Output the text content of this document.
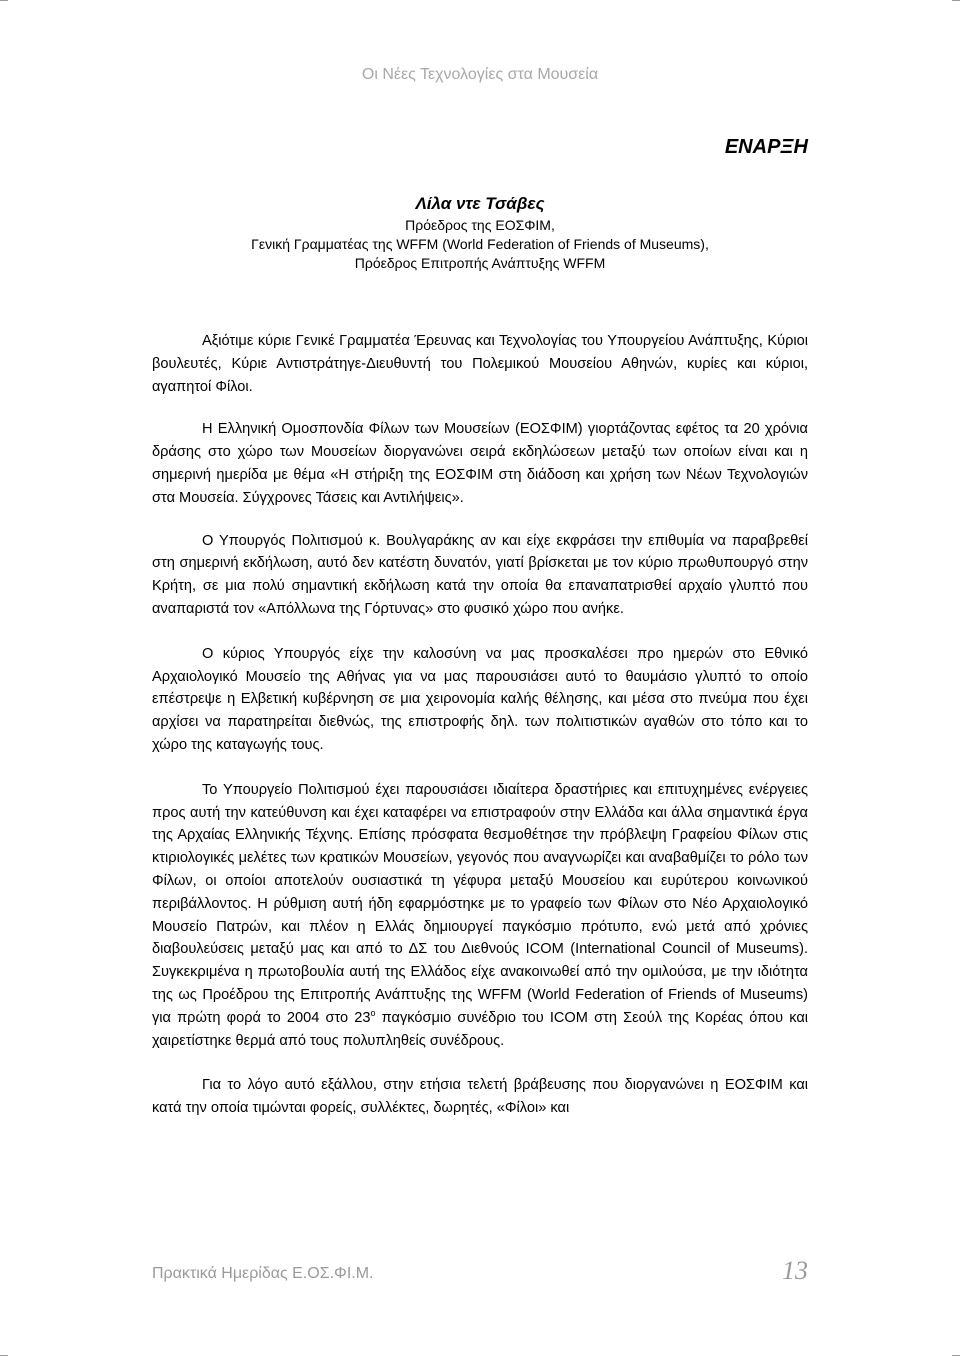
Οι Νέες Τεχνολογίες στα Μουσεία
ΕΝΑΡΞΗ
Λίλα ντε Τσάβες
Πρόεδρος της ΕΟΣΦΙΜ,
Γενική Γραμματέας της WFFM (World Federation of Friends of Museums),
Πρόεδρος Επιτροπής Ανάπτυξης WFFM

Αξιότιμε κύριε Γενικέ Γραμματέα Έρευνας και Τεχνολογίας του Υπουργείου Ανάπτυξης, Κύριοι βουλευτές, Κύριε Αντιστράτηγε-Διευθυντή του Πολεμικού Μουσείου Αθηνών, κυρίες και κύριοι, αγαπητοί Φίλοι.

Η Ελληνική Ομοσπονδία Φίλων των Μουσείων (ΕΟΣΦΙΜ) γιορτάζοντας εφέτος τα 20 χρόνια δράσης στο χώρο των Μουσείων διοργανώνει σειρά εκδηλώσεων μεταξύ των οποίων είναι και η σημερινή ημερίδα με θέμα «Η στήριξη της ΕΟΣΦΙΜ στη διάδοση και χρήση των Νέων Τεχνολογιών στα Μουσεία. Σύγχρονες Τάσεις και Αντιλήψεις».

Ο Υπουργός Πολιτισμού κ. Βουλγαράκης αν και είχε εκφράσει την επιθυμία να παραβρεθεί στη σημερινή εκδήλωση, αυτό δεν κατέστη δυνατόν, γιατί βρίσκεται με τον κύριο πρωθυπουργό στην Κρήτη, σε μια πολύ σημαντική εκδήλωση κατά την οποία θα επαναπατρισθεί αρχαίο γλυπτό που αναπαριστά τον «Απόλλωνα της Γόρτυνας» στο φυσικό χώρο που ανήκε.

Ο κύριος Υπουργός είχε την καλοσύνη να μας προσκαλέσει προ ημερών στο Εθνικό Αρχαιολογικό Μουσείο της Αθήνας για να μας παρουσιάσει αυτό το θαυμάσιο γλυπτό το οποίο επέστρεψε η Ελβετική κυβέρνηση σε μια χειρονομία καλής θέλησης, και μέσα στο πνεύμα που έχει αρχίσει να παρατηρείται διεθνώς, της επιστροφής δηλ. των πολιτιστικών αγαθών στο τόπο και το χώρο της καταγωγής τους.

Το Υπουργείο Πολιτισμού έχει παρουσιάσει ιδιαίτερα δραστήριες και επιτυχημένες ενέργειες προς αυτή την κατεύθυνση και έχει καταφέρει να επιστραφούν στην Ελλάδα και άλλα σημαντικά έργα της Αρχαίας Ελληνικής Τέχνης. Επίσης πρόσφατα θεσμοθέτησε την πρόβλεψη Γραφείου Φίλων στις κτιριολογικές μελέτες των κρατικών Μουσείων, γεγονός που αναγνωρίζει και αναβαθμίζει το ρόλο των Φίλων, οι οποίοι αποτελούν ουσιαστικά τη γέφυρα μεταξύ Μουσείου και ευρύτερου κοινωνικού περιβάλλοντος. Η ρύθμιση αυτή ήδη εφαρμόστηκε με το γραφείο των Φίλων στο Νέο Αρχαιολογικό Μουσείο Πατρών, και πλέον η Ελλάς δημιουργεί παγκόσμιο πρότυπο, ενώ μετά από χρόνιες διαβουλεύσεις μεταξύ μας και από το ΔΣ του Διεθνούς ICOM (International Council of Museums). Συγκεκριμένα η πρωτοβουλία αυτή της Ελλάδος είχε ανακοινωθεί από την ομιλούσα, με την ιδιότητα της ως Προέδρου της Επιτροπής Ανάπτυξης της WFFM (World Federation of Friends of Museums) για πρώτη φορά το 2004 στο $23^o$ παγκόσμιο συνέδριο του ICOM στη Σεούλ της Κορέας όπου και χαιρετίστηκε θερμά από τους πολυπληθείς συνέδρους.

Για το λόγο αυτό εξάλλου, στην ετήσια τελετή βράβευσης που διοργανώνει η ΕΟΣΦΙΜ και κατά την οποία τιμώνται φορείς, συλλέκτες, δωρητές, «Φίλοι» και

Πρακτικά Ημερίδας Ε.ΟΣ.ΦΙ.Μ.	13
